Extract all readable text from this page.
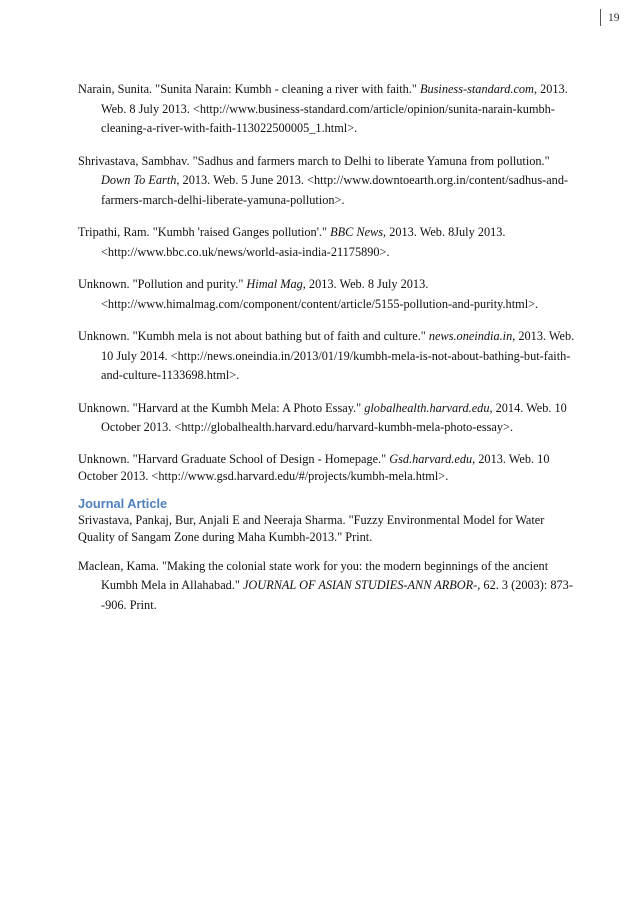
19

Narain, Sunita. "Sunita Narain: Kumbh - cleaning a river with faith." Business-standard.com, 2013. Web. 8 July 2013. <http://www.business-standard.com/article/opinion/sunita-narain-kumbh-cleaning-a-river-with-faith-113022500005_1.html>.

Shrivastava, Sambhav. "Sadhus and farmers march to Delhi to liberate Yamuna from pollution." Down To Earth, 2013. Web. 5 June 2013. <http://www.downtoearth.org.in/content/sadhus-and-farmers-march-delhi-liberate-yamuna-pollution>.

Tripathi, Ram. "Kumbh 'raised Ganges pollution'." BBC News, 2013. Web. 8July 2013. <http://www.bbc.co.uk/news/world-asia-india-21175890>.

Unknown. "Pollution and purity." Himal Mag, 2013. Web. 8 July 2013. <http://www.himalmag.com/component/content/article/5155-pollution-and-purity.html>.

Unknown. "Kumbh mela is not about bathing but of faith and culture." news.oneindia.in, 2013. Web. 10 July 2014. <http://news.oneindia.in/2013/01/19/kumbh-mela-is-not-about-bathing-but-faith-and-culture-1133698.html>.

Unknown. "Harvard at the Kumbh Mela: A Photo Essay." globalhealth.harvard.edu, 2014. Web. 10 October 2013. <http://globalhealth.harvard.edu/harvard-kumbh-mela-photo-essay>.

Unknown. "Harvard Graduate School of Design - Homepage." Gsd.harvard.edu, 2013. Web. 10 October 2013. <http://www.gsd.harvard.edu/#/projects/kumbh-mela.html>.

Journal Article

Srivastava, Pankaj, Bur, Anjali E and Neeraja Sharma. "Fuzzy Environmental Model for Water Quality of Sangam Zone during Maha Kumbh-2013." Print.

Maclean, Kama. "Making the colonial state work for you: the modern beginnings of the ancient Kumbh Mela in Allahabad." JOURNAL OF ASIAN STUDIES-ANN ARBOR-, 62. 3 (2003): 873--906. Print.
